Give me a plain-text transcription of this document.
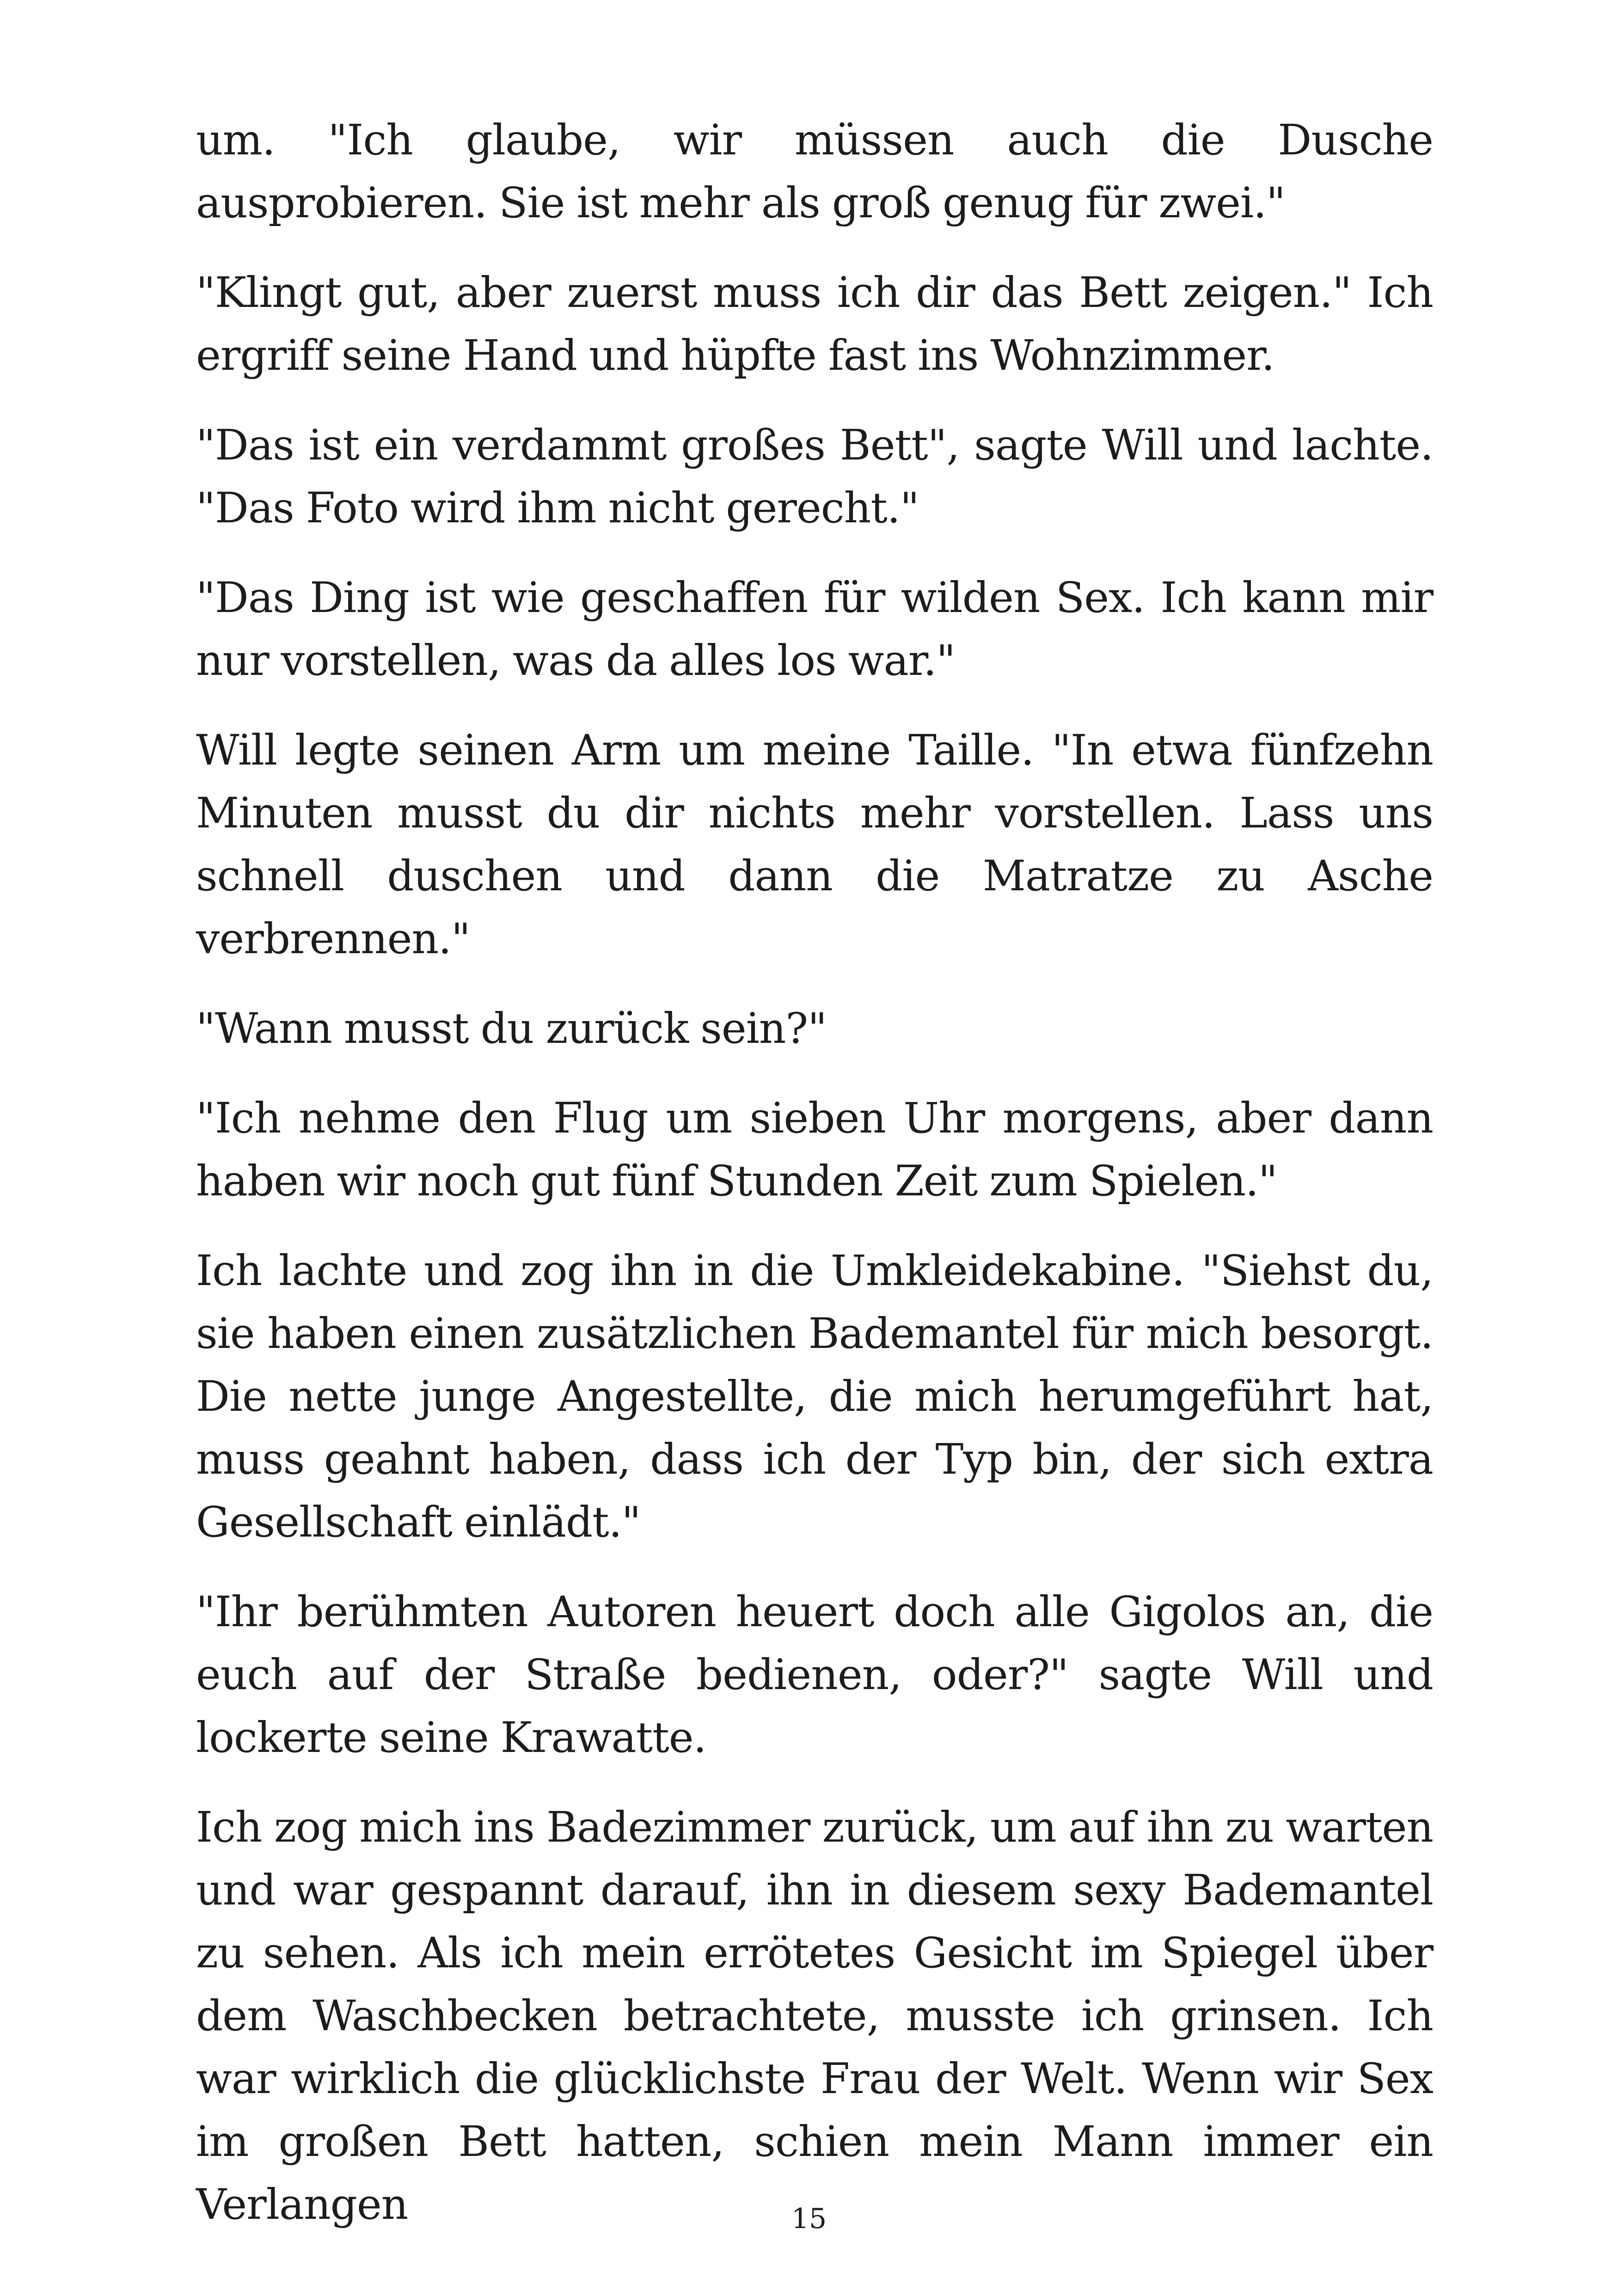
um. "Ich glaube, wir müssen auch die Dusche ausprobieren. Sie ist mehr als groß genug für zwei."

"Klingt gut, aber zuerst muss ich dir das Bett zeigen." Ich ergriff seine Hand und hüpfte fast ins Wohnzimmer.

"Das ist ein verdammt großes Bett", sagte Will und lachte. "Das Foto wird ihm nicht gerecht."

"Das Ding ist wie geschaffen für wilden Sex. Ich kann mir nur vorstellen, was da alles los war."

Will legte seinen Arm um meine Taille. "In etwa fünfzehn Minuten musst du dir nichts mehr vorstellen. Lass uns schnell duschen und dann die Matratze zu Asche verbrennen."

"Wann musst du zurück sein?"

"Ich nehme den Flug um sieben Uhr morgens, aber dann haben wir noch gut fünf Stunden Zeit zum Spielen."

Ich lachte und zog ihn in die Umkleidekabine. "Siehst du, sie haben einen zusätzlichen Bademantel für mich besorgt. Die nette junge Angestellte, die mich herumgeführt hat, muss geahnt haben, dass ich der Typ bin, der sich extra Gesellschaft einlädt."

"Ihr berühmten Autoren heuert doch alle Gigolos an, die euch auf der Straße bedienen, oder?" sagte Will und lockerte seine Krawatte.

Ich zog mich ins Badezimmer zurück, um auf ihn zu warten und war gespannt darauf, ihn in diesem sexy Bademantel zu sehen. Als ich mein errötetes Gesicht im Spiegel über dem Waschbecken betrachtete, musste ich grinsen. Ich war wirklich die glücklichste Frau der Welt. Wenn wir Sex im großen Bett hatten, schien mein Mann immer ein Verlangen	15
